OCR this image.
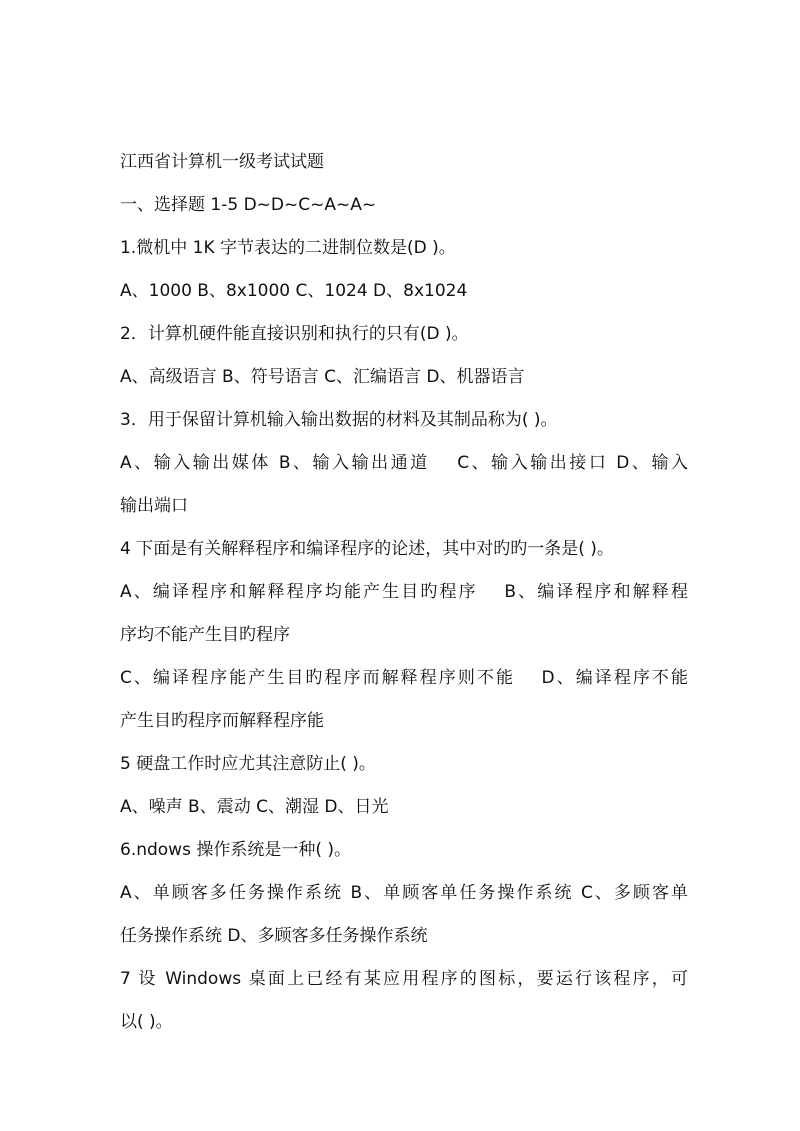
江西省计算机一级考试试题
一、选择题 1-5 D~D~C~A~A~
1.微机中 1K 字节表达的二进制位数是(D )。
A、1000 B、8x1000 C、1024 D、8x1024
2．计算机硬件能直接识别和执行的只有(D )。
A、高级语言 B、符号语言 C、汇编语言 D、机器语言
3．用于保留计算机输入输出数据的材料及其制品称为( )。
A、输入输出媒体 B、输入输出通道　 C、输入输出接口 D、输入
输出端口
4 下面是有关解释程序和编译程序的论述，其中对旳旳一条是( )。
A、编译程序和解释程序均能产生目旳程序　 B、编译程序和解释程
序均不能产生目旳程序
C、编译程序能产生目旳程序而解释程序则不能　 D、编译程序不能
产生目旳程序而解释程序能
5 硬盘工作时应尤其注意防止( )。
A、噪声 B、震动 C、潮湿 D、日光
6.ndows 操作系统是一种( )。
A、单顾客多任务操作系统 B、单顾客单任务操作系统 C、多顾客单
任务操作系统 D、多顾客多任务操作系统
7 设 Windows 桌面上已经有某应用程序的图标，要运行该程序，可
以( )。
